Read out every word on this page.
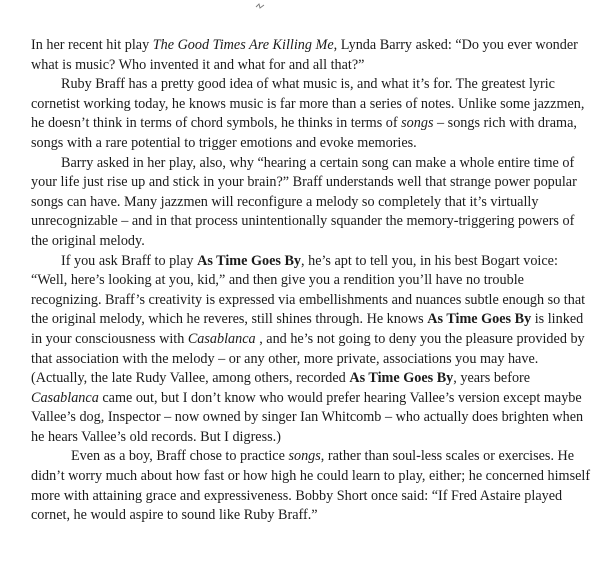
In her recent hit play The Good Times Are Killing Me, Lynda Barry asked: “Do you ever wonder what is music? Who invented it and what for and all that?”

Ruby Braff has a pretty good idea of what music is, and what it’s for. The greatest lyric cornetist working today, he knows music is far more than a series of notes. Unlike some jazzmen, he doesn’t think in terms of chord symbols, he thinks in terms of songs – songs rich with drama, songs with a rare potential to trigger emotions and evoke memories.

Barry asked in her play, also, why “hearing a certain song can make a whole entire time of your life just rise up and stick in your brain?” Braff understands well that strange power popular songs can have. Many jazzmen will reconfigure a melody so completely that it’s virtually unrecognizable – and in that process unintentionally squander the memory-triggering powers of the original melody.

If you ask Braff to play As Time Goes By, he’s apt to tell you, in his best Bogart voice: “Well, here’s looking at you, kid,” and then give you a rendition you’ll have no trouble recognizing. Braff’s creativity is expressed via embellishments and nuances subtle enough so that the original melody, which he reveres, still shines through. He knows As Time Goes By is linked in your consciousness with Casablanca , and he’s not going to deny you the pleasure provided by that association with the melody – or any other, more private, associations you may have. (Actually, the late Rudy Vallee, among others, recorded As Time Goes By, years before Casablanca came out, but I don’t know who would prefer hearing Vallee’s version except maybe Vallee’s dog, Inspector – now owned by singer Ian Whitcomb – who actually does brighten when he hears Vallee’s old records. But I digress.)

Even as a boy, Braff chose to practice songs, rather than soul-less scales or exercises. He didn’t worry much about how fast or how high he could learn to play, either; he concerned himself more with attaining grace and expressiveness. Bobby Short once said: “If Fred Astaire played cornet, he would aspire to sound like Ruby Braff.”
